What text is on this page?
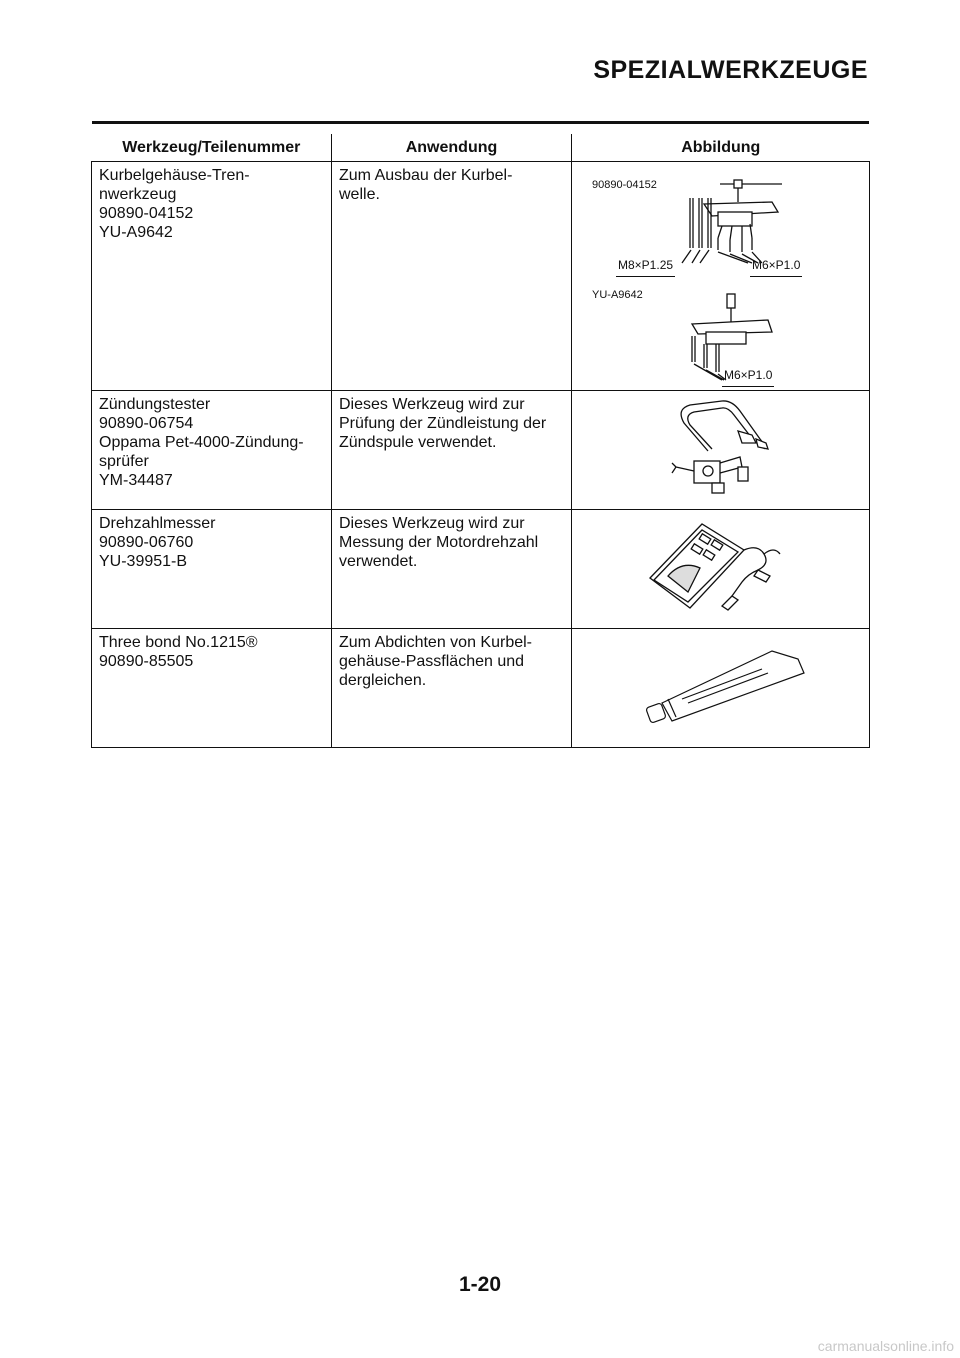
SPEZIALWERKZEUGE
Werkzeug/Teilenummer	Anwendung	Abbildung

Kurbelgehäuse-Tren-
nwerkzeug
90890-04152
YU-A9642	Zum Ausbau der Kurbel-
welle.	90890-04152
M8×P1.25 M6×P1.0
YU-A9642
M6×P1.0

Zündungstester
90890-06754
Oppama Pet-4000-Zündung-
sprüfer
YM-34487	Dieses Werkzeug wird zur
Prüfung der Zündleistung der
Zündspule verwendet.

Drehzahlmesser
90890-06760
YU-39951-B	Dieses Werkzeug wird zur
Messung der Motordrehzahl
verwendet.

Three bond No.1215®
90890-85505	Zum Abdichten von Kurbel-
gehäuse-Passflächen und
dergleichen.

1-20
carmanualsonline.info
